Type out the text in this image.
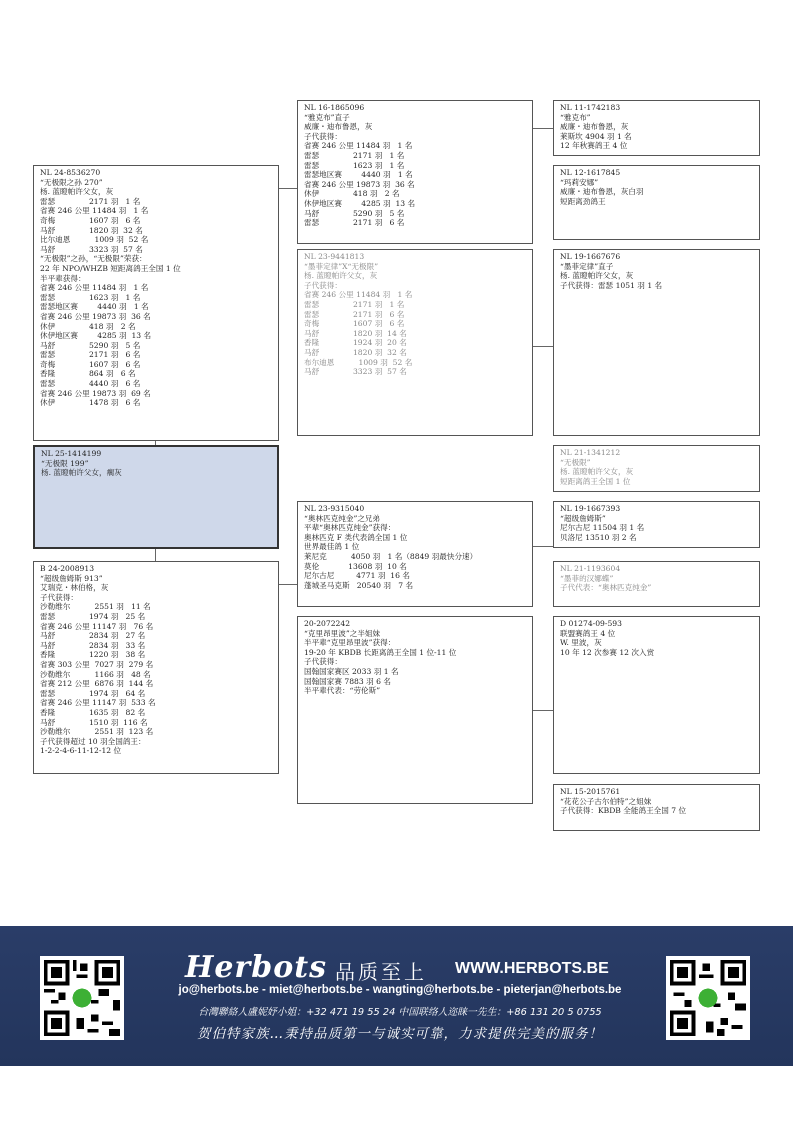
NL 24-8536270
“无极限之孙 270”
杨. 蓝瞪帕许父女，灰
雷瑟              2171 羽   1 名
省赛 246 公里 11484 羽   1 名
奇梅              1607 羽   6 名
马舒              1820 羽  32 名
比尔迪恩          1009 羽  52 名
马舒              3323 羽  57 名
“无极限”之孙，“无极限”荣获：
22 年 NPO/WHZB 短距离鸽王全国 1 位
半平辈获得：
省赛 246 公里 11484 羽   1 名
雷瑟              1623 羽   1 名
雷瑟地区赛        4440 羽   1 名
省赛 246 公里 19873 羽  36 名
休伊              418 羽   2 名
休伊地区赛        4285 羽  13 名
马舒              5290 羽   5 名
雷瑟              2171 羽   6 名
奇梅              1607 羽   6 名
香隆              864 羽   6 名
雷瑟              4440 羽   6 名
省赛 246 公里 19873 羽  69 名
休伊              1478 羽   6 名
NL 25-1414199
“无极限 199”
杨. 蓝瞪帕许父女，瘸灰
B 24-2008913
“超级詹姆斯 913”
艾瑞克・林伯格，灰
子代获得：
沙勒维尔          2551 羽   11 名
雷瑟              1974 羽   25 名
省赛 246 公里 11147 羽   76 名
马舒              2834 羽   27 名
马舒              2834 羽   33 名
香隆              1220 羽   38 名
省赛 303 公里  7027 羽  279 名
沙勒维尔          1166 羽   48 名
省赛 212 公里  6876 羽  144 名
雷瑟              1974 羽   64 名
省赛 246 公里 11147 羽  533 名
香隆              1635 羽   82 名
马舒              1510 羽  116 名
沙勒维尔          2551 羽  123 名
子代获得超过 10 羽全国鸽王：
1-2-2-4-6-11-12-12 位
NL 16-1865096
“雅克布”直子
威廉・迪布鲁恩，灰
子代获得：
省赛 246 公里 11484 羽   1 名
雷瑟              2171 羽   1 名
雷瑟              1623 羽   1 名
雷瑟地区赛        4440 羽   1 名
省赛 246 公里 19873 羽  36 名
休伊              418 羽   2 名
休伊地区赛        4285 羽  13 名
马舒              5290 羽   5 名
雷瑟              2171 羽   6 名
NL 23-9441813
“墨菲定律”X“无极限”
杨. 蓝瞪帕许父女，灰
子代获得：
省赛 246 公里 11484 羽   1 名
雷瑟              2171 羽   1 名
雷瑟              2171 羽   6 名
奇梅              1607 羽   6 名
马舒              1820 羽  14 名
香隆              1924 羽  20 名
马舒              1820 羽  32 名
布尔迪恩          1009 羽  52 名
马舒              3323 羽  57 名
NL 23-9315040
“奥林匹克纯金”之兄弟
平辈“奥林匹克纯金”获得：
奥林匹克 F 类代表鸽全国 1 位
世界最佳鸽 1 位
莱尼克          4050 羽   1 名（8849 羽最快分速）
莫伦            13608 羽  10 名
尼尔古尼         4771 羽  16 名
蓬城圣马克斯   20540 羽   7 名
20-2072242
“克里昂里波”之半姐妹
半平辈“克里昂里波”获得：
19-20 年 KBDB 长距离鸽王全国 1 位-11 位
子代获得：
国翰国家赛区 2033 羽 1 名
国翰国家赛 7883 羽 6 名
半平辈代表：“劳伦斯”
NL 11-1742183
“雅克布”
威廉・迪布鲁恩，灰
莱斯坎 4904 羽 1 名
12 年秋赛鸽王 4 位
NL 12-1617845
“玛莉安娜”
威廉・迪布鲁恩，灰白羽
短距离劲鸽王
NL 19-1667676
“墨菲定律”直子
杨. 蓝瞪帕许父女，灰
子代获得：雷瑟 1051 羽 1 名
NL 21-1341212
“无极限”
杨. 蓝瞪帕许父女，灰
短距离鸽王全国 1 位
NL 19-1667393
“超级詹姆斯”
尼尔古尼 11504 羽 1 名
贝洛尼 13510 羽 2 名
NL 21-1193604
“墨菲的汉娜蝶”
子代代表：“奥林匹克纯金”
D 01274-09-593
联盟赛鸽王 4 位
W. 里波，灰
10 年 12 次参赛 12 次入赏
NL 15-2015761
“花花公子古尔伯特”之姐妹
子代获得：KBDB 全能鸽王全国 7 位
Herbots 品质至上 WWW.HERBOTS.BE
jo@herbots.be - miet@herbots.be - wangting@herbots.be - pieterjan@herbots.be
台灣聯絡人盧妮妤小姐：+32 471 19 55 24 中国联络人迩睐一先生：+86 131 20 5 0755
贺伯特家族…秉持品质第一与诚实可靠，力求提供完美的服务！
